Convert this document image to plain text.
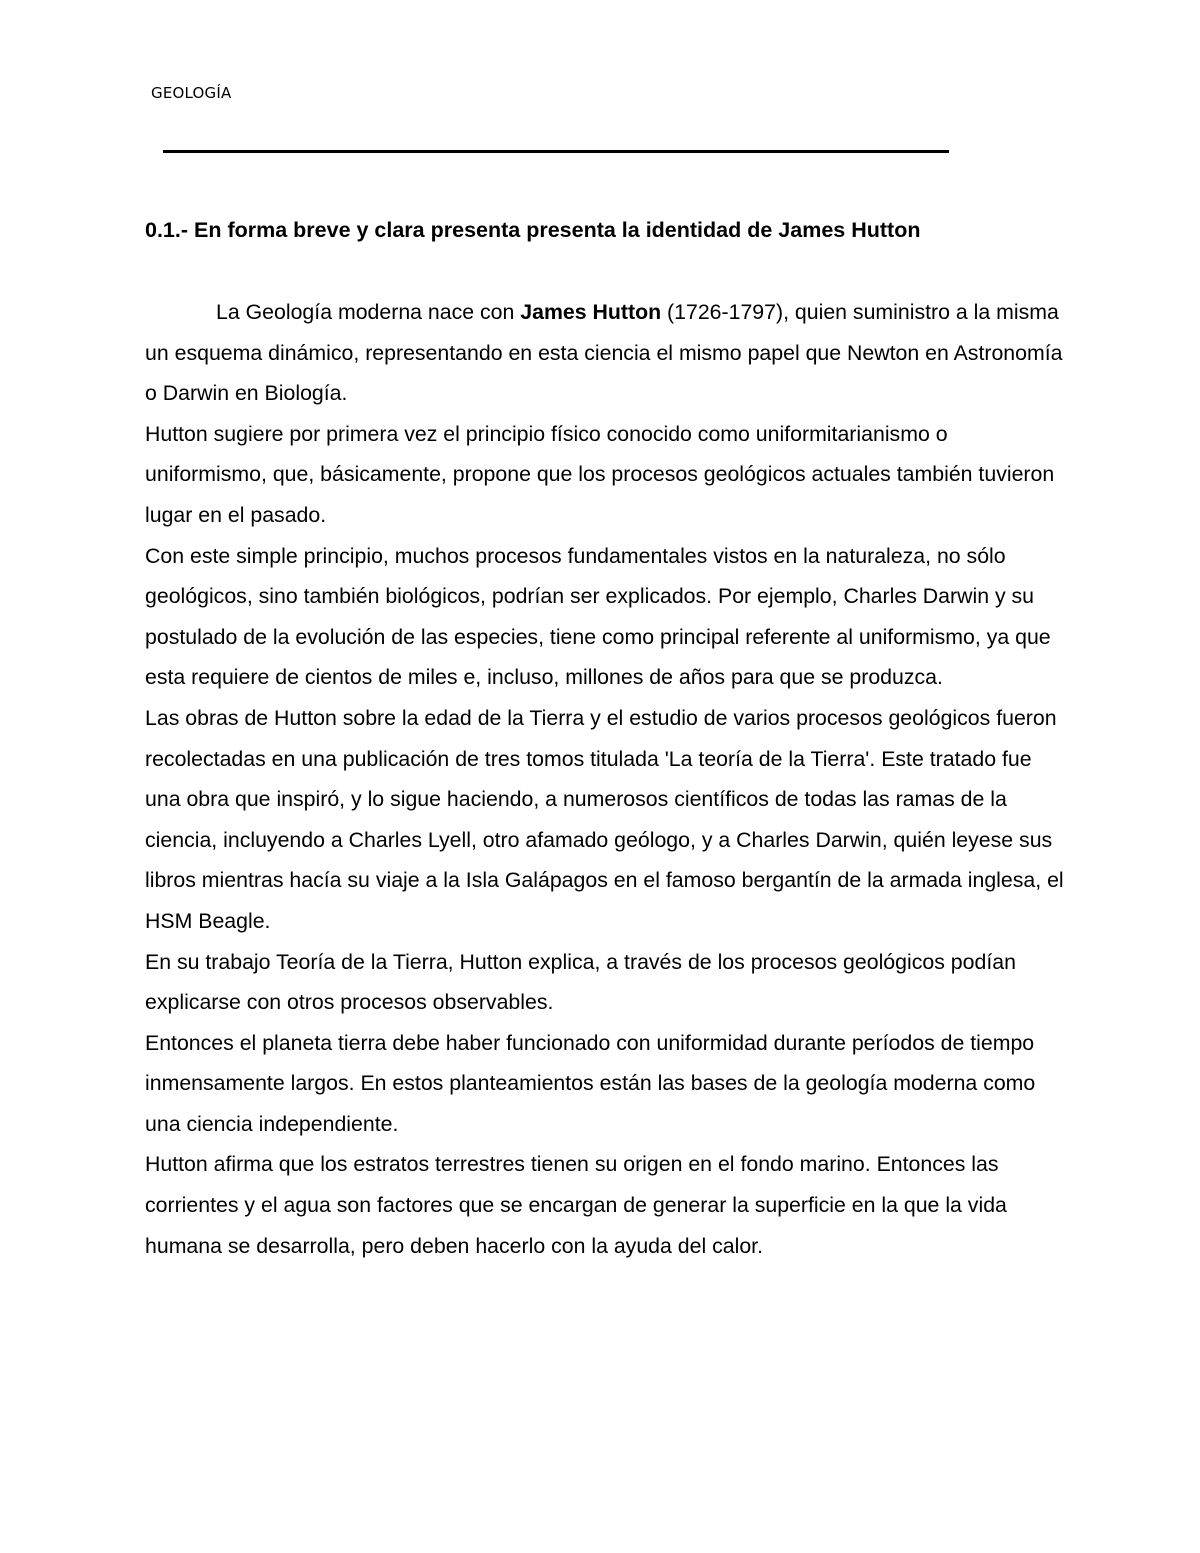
GEOLOGÍA
0.1.- En forma breve y clara presenta presenta la identidad de James Hutton

La Geología moderna nace con James Hutton (1726-1797), quien suministro a la misma un esquema dinámico, representando en esta ciencia el mismo papel que Newton en Astronomía o Darwin en Biología.

Hutton sugiere por primera vez el principio físico conocido como uniformitarianismo o uniformismo, que, básicamente, propone que los procesos geológicos actuales también tuvieron lugar en el pasado.

Con este simple principio, muchos procesos fundamentales vistos en la naturaleza, no sólo geológicos, sino también biológicos, podrían ser explicados. Por ejemplo, Charles Darwin y su postulado de la evolución de las especies, tiene como principal referente al uniformismo, ya que esta requiere de cientos de miles e, incluso, millones de años para que se produzca.

Las obras de Hutton sobre la edad de la Tierra y el estudio de varios procesos geológicos fueron recolectadas en una publicación de tres tomos titulada 'La teoría de la Tierra'. Este tratado fue una obra que inspiró, y lo sigue haciendo, a numerosos científicos de todas las ramas de la ciencia, incluyendo a Charles Lyell, otro afamado geólogo, y a Charles Darwin, quién leyese sus libros mientras hacía su viaje a la Isla Galápagos en el famoso bergantín de la armada inglesa, el HSM Beagle.

En su trabajo Teoría de la Tierra, Hutton explica, a través de los procesos geológicos podían explicarse con otros procesos observables.

Entonces el planeta tierra debe haber funcionado con uniformidad durante períodos de tiempo inmensamente largos. En estos planteamientos están las bases de la geología moderna como una ciencia independiente.

Hutton afirma que los estratos terrestres tienen su origen en el fondo marino. Entonces las corrientes y el agua son factores que se encargan de generar la superficie en la que la vida humana se desarrolla, pero deben hacerlo con la ayuda del calor.
